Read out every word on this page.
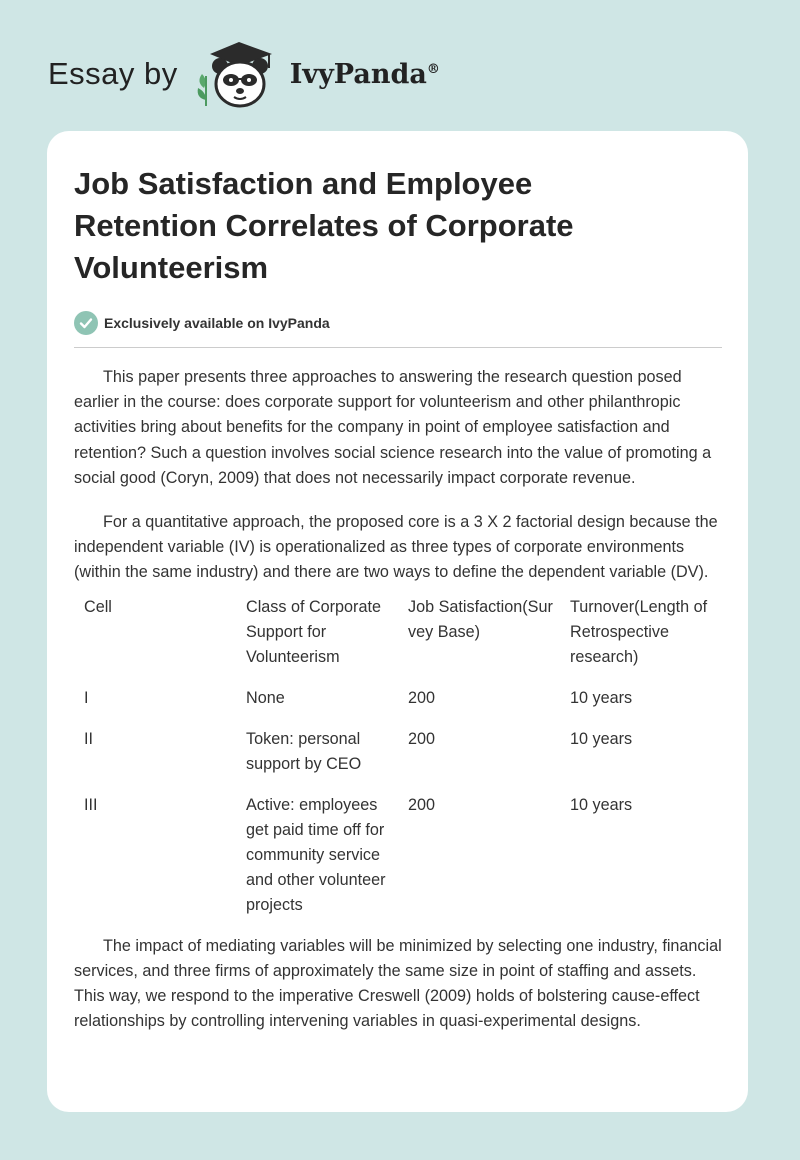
Essay by	IvyPanda®
Job Satisfaction and Employee Retention Correlates of Corporate Volunteerism
Exclusively available on IvyPanda

This paper presents three approaches to answering the research question posed earlier in the course: does corporate support for volunteerism and other philanthropic activities bring about benefits for the company in point of employee satisfaction and retention? Such a question involves social science research into the value of promoting a social good (Coryn, 2009) that does not necessarily impact corporate revenue.

For a quantitative approach, the proposed core is a 3 X 2 factorial design because the independent variable (IV) is operationalized as three types of corporate environments (within the same industry) and there are two ways to define the dependent variable (DV).

Cell	Class of Corporate Support for Volunteerism	Job Satisfaction(Survey Base)	Turnover(Length of Retrospective research)
I	None	200	10 years
II	Token: personal support by CEO	200	10 years
III	Active: employees get paid time off for community service and other volunteer projects	200	10 years

The impact of mediating variables will be minimized by selecting one industry, financial services, and three firms of approximately the same size in point of staffing and assets. This way, we respond to the imperative Creswell (2009) holds of bolstering cause-effect relationships by controlling intervening variables in quasi-experimental designs.
